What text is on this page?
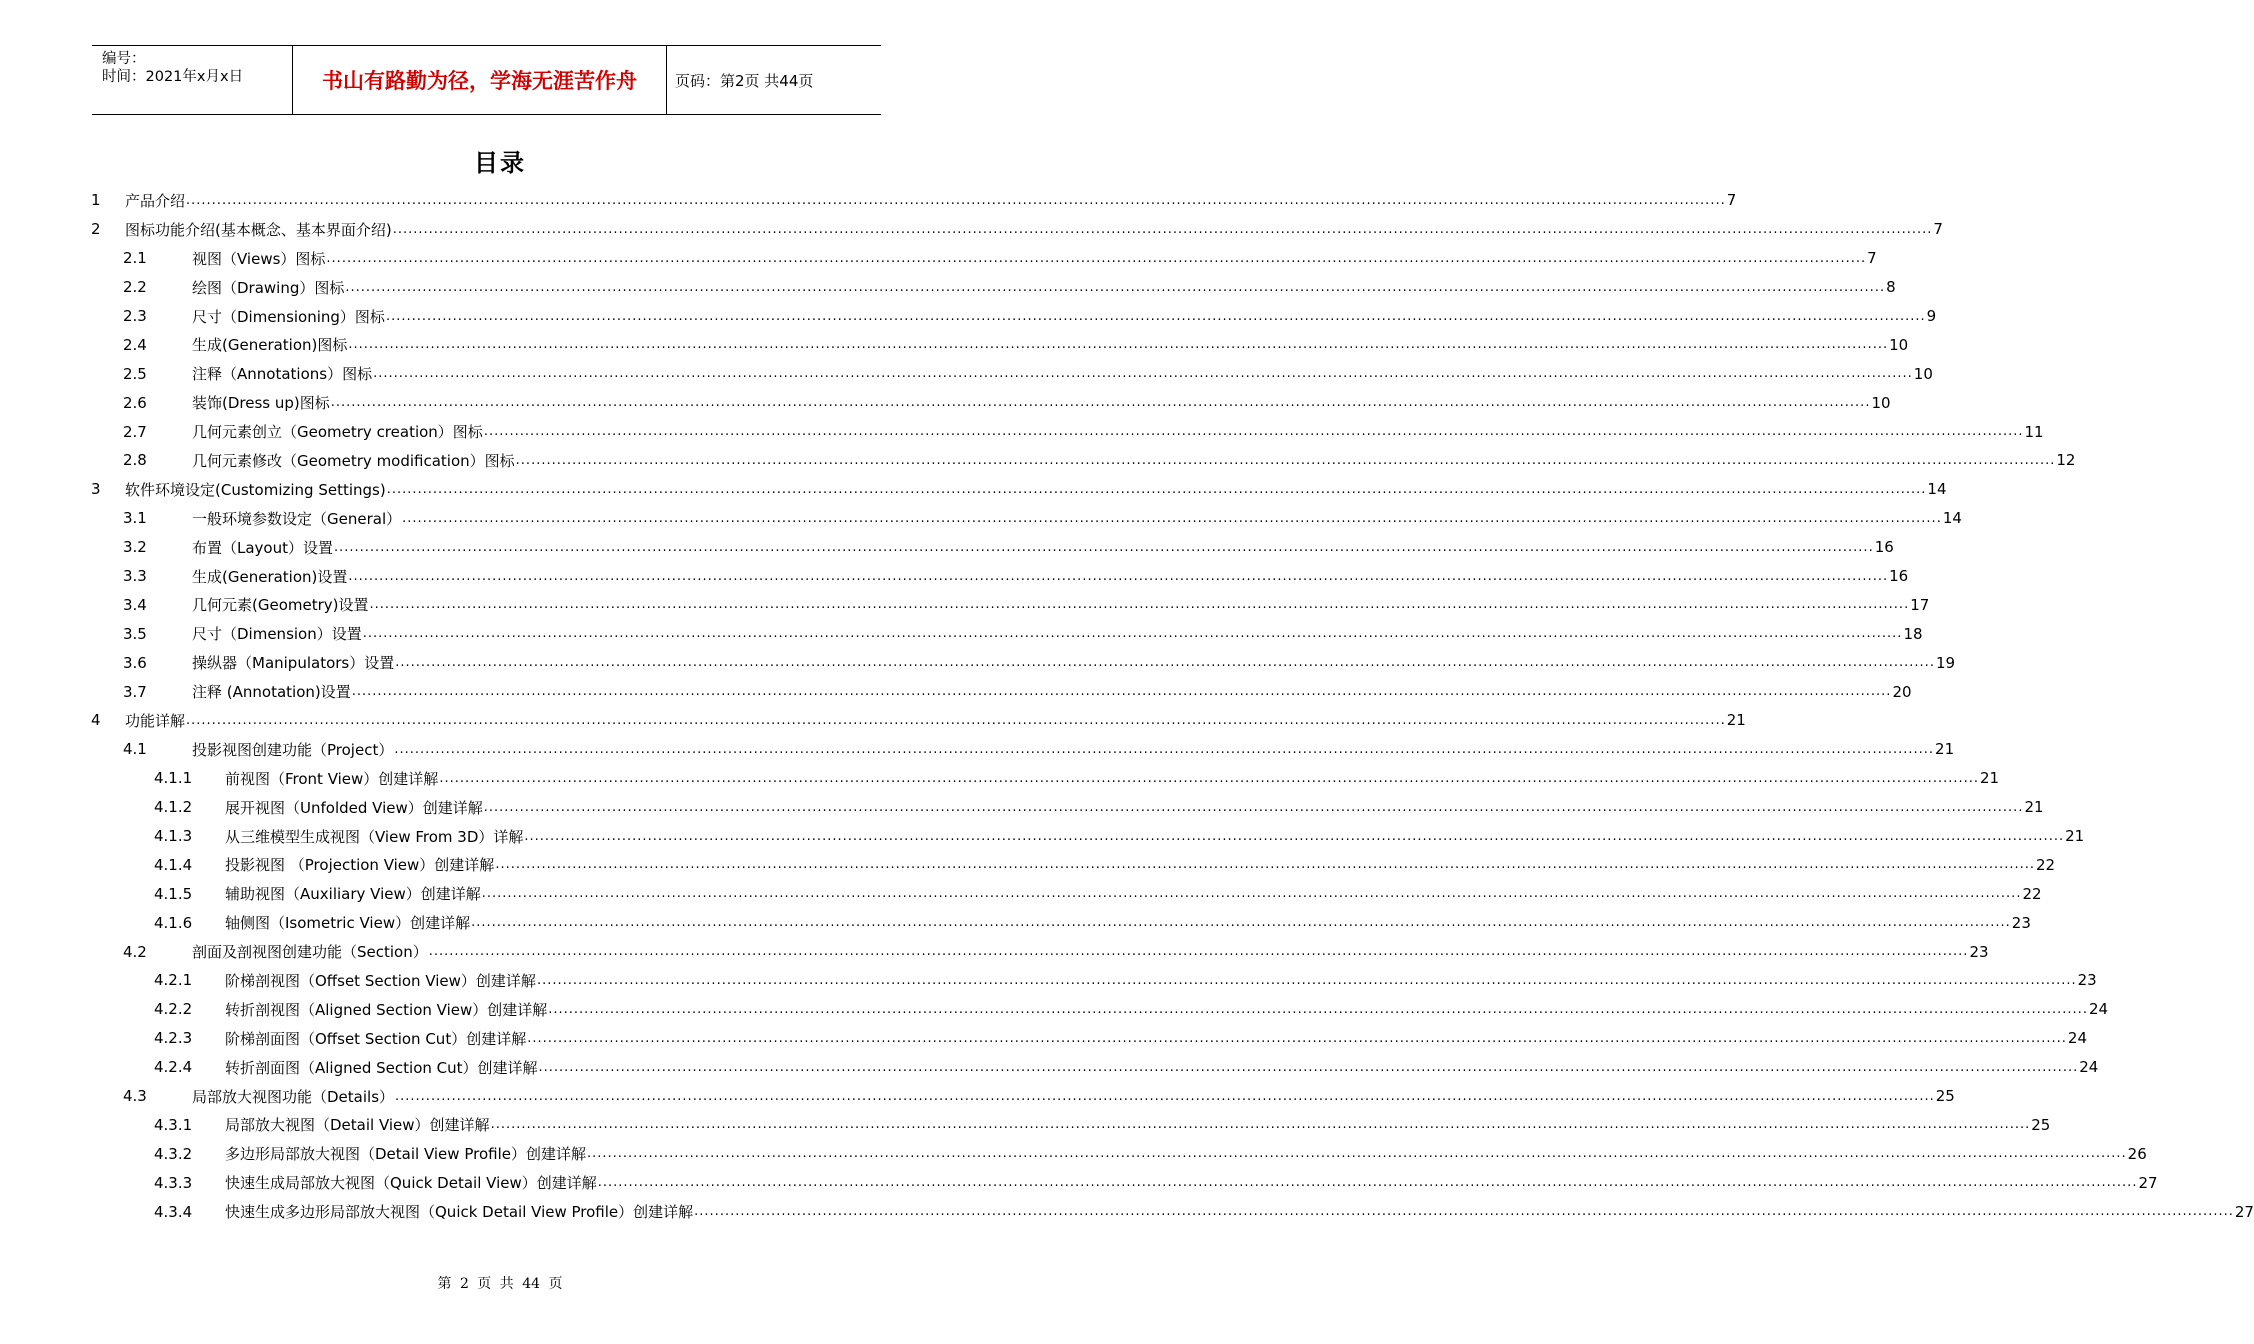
编号：
时间：2021年x月x日	书山有路勤为径，学海无涯苦作舟	页码：第2页 共44页
目录
1 产品介绍 ............................................................................................................................................................................................................................................................................................................ 7
2 图标功能介绍(基本概念、基本界面介绍) ............................................................................................................................................................................................................................................................................................................ 7
2.1	视图（Views）图标 ............................................................................................................................................................................................................................................................................................................ 7
2.2	绘图（Drawing）图标 ............................................................................................................................................................................................................................................................................................................ 8
2.3	尺寸（Dimensioning）图标 ............................................................................................................................................................................................................................................................................................................ 9
2.4	生成(Generation)图标 ............................................................................................................................................................................................................................................................................................................ 10
2.5	注释（Annotations）图标 ............................................................................................................................................................................................................................................................................................................ 10
2.6	装饰(Dress up)图标 ............................................................................................................................................................................................................................................................................................................ 10
2.7	几何元素创立（Geometry creation）图标 ............................................................................................................................................................................................................................................................................................................ 11
2.8	几何元素修改（Geometry modification）图标 ............................................................................................................................................................................................................................................................................................................ 12
3 软件环境设定(Customizing Settings) ............................................................................................................................................................................................................................................................................................................ 14
3.1	一般环境参数设定（General） ............................................................................................................................................................................................................................................................................................................ 14
3.2	布置（Layout）设置 ............................................................................................................................................................................................................................................................................................................ 16
3.3	生成(Generation)设置 ............................................................................................................................................................................................................................................................................................................ 16
3.4	几何元素(Geometry)设置 ............................................................................................................................................................................................................................................................................................................ 17
3.5	尺寸（Dimension）设置 ............................................................................................................................................................................................................................................................................................................ 18
3.6	操纵器（Manipulators）设置 ............................................................................................................................................................................................................................................................................................................ 19
3.7	注释 (Annotation)设置 ............................................................................................................................................................................................................................................................................................................ 20
4 功能详解 ............................................................................................................................................................................................................................................................................................................ 21
4.1	投影视图创建功能（Project） ............................................................................................................................................................................................................................................................................................................ 21
4.1.1 前视图（Front View）创建详解 ............................................................................................................................................................................................................................................................................................................ 21
4.1.2 展开视图（Unfolded View）创建详解 ............................................................................................................................................................................................................................................................................................................ 21
4.1.3 从三维模型生成视图（View From 3D）详解 ............................................................................................................................................................................................................................................................................................................ 21
4.1.4 投影视图 （Projection View）创建详解 ............................................................................................................................................................................................................................................................................................................ 22
4.1.5 辅助视图（Auxiliary View）创建详解 ............................................................................................................................................................................................................................................................................................................ 22
4.1.6 轴侧图（Isometric View）创建详解 ............................................................................................................................................................................................................................................................................................................ 23
4.2	剖面及剖视图创建功能（Section） ............................................................................................................................................................................................................................................................................................................ 23
4.2.1 阶梯剖视图（Offset Section View）创建详解 ............................................................................................................................................................................................................................................................................................................ 23
4.2.2 转折剖视图（Aligned Section View）创建详解 ............................................................................................................................................................................................................................................................................................................ 24
4.2.3 阶梯剖面图（Offset Section Cut）创建详解 ............................................................................................................................................................................................................................................................................................................ 24
4.2.4 转折剖面图（Aligned Section Cut）创建详解 ............................................................................................................................................................................................................................................................................................................ 24
4.3	局部放大视图功能（Details） ............................................................................................................................................................................................................................................................................................................ 25
4.3.1 局部放大视图（Detail View）创建详解 ............................................................................................................................................................................................................................................................................................................ 25
4.3.2 多边形局部放大视图（Detail View Profile）创建详解 ............................................................................................................................................................................................................................................................................................................ 26
4.3.3 快速生成局部放大视图（Quick Detail View）创建详解 ............................................................................................................................................................................................................................................................................................................ 27
4.3.4 快速生成多边形局部放大视图（Quick Detail View Profile）创建详解 ............................................................................................................................................................................................................................................................................................................ 27
第 2 页 共 44 页
